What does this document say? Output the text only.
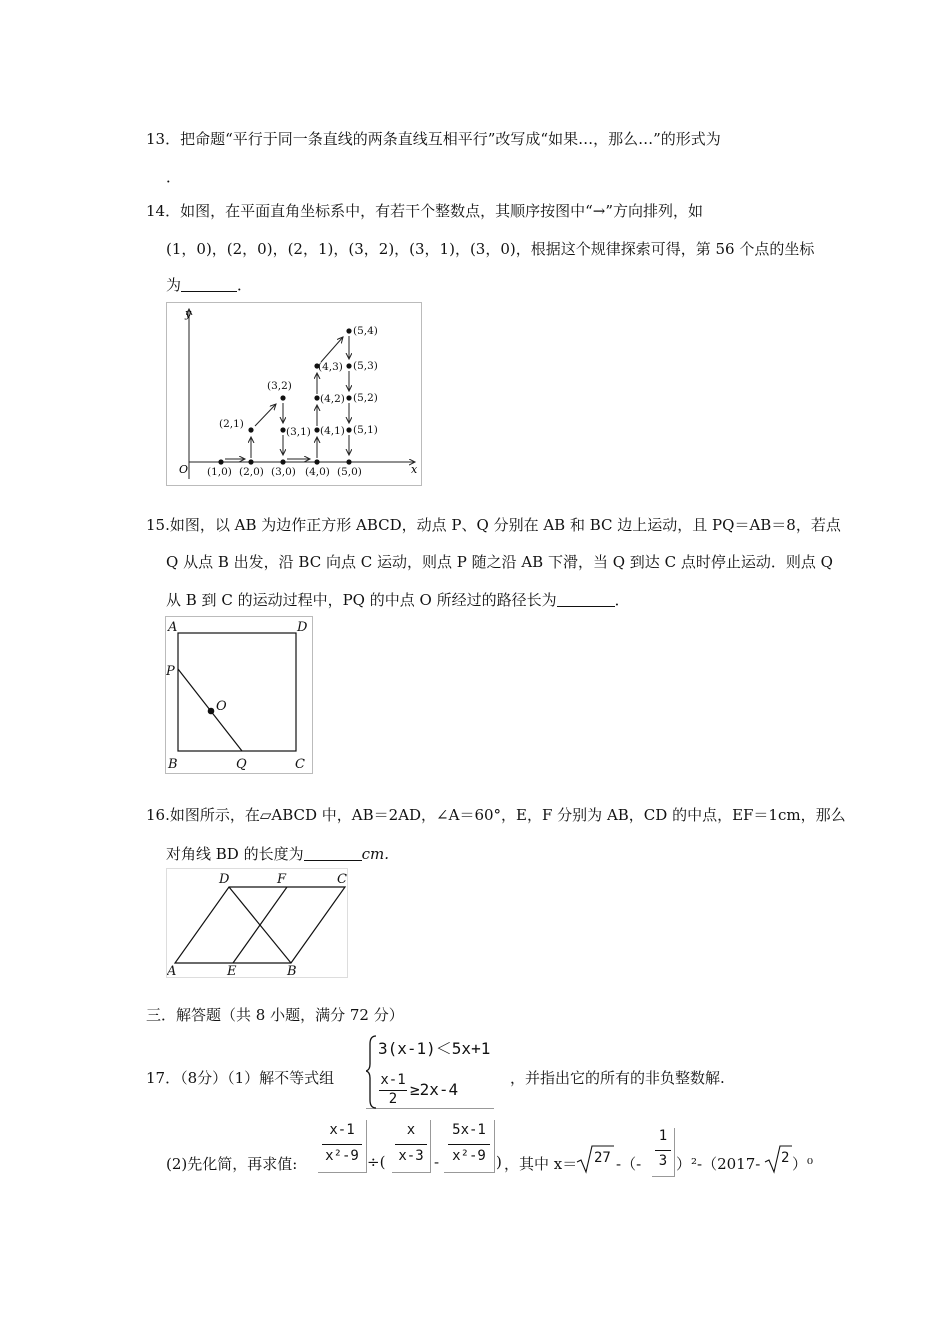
13．把命题“平行于同一条直线的两条直线互相平行”改写成“如果…，那么…”的形式为
．
14．如图，在平面直角坐标系中，有若干个整数点，其顺序按图中“→”方向排列，如
(1，0)，(2，0)，(2，1)，(3，2)，(3，1)，(3，0)，根据这个规律探索可得，第 56 个点的坐标
为	．
y
x
O (1,0) (2,0) (3,0) (4,0) (5,0)
(2,1)
(3,2)
(3,1) (4,1)
(4,2)
(4,3)
(5,4)
(5,3)
(5,2)
(5,1)
15.如图，以 AB 为边作正方形 ABCD，动点 P、Q 分别在 AB 和 BC 边上运动，且 PQ＝AB＝8，若点
Q 从点 B 出发，沿 BC 向点 C 运动，则点 P 随之沿 AB 下滑，当 Q 到达 C 点时停止运动．则点 Q
从 B 到 C 的运动过程中，PQ 的中点 O 所经过的路径长为	．
A	D
P
O
B	Q	C
16.如图所示，在▱ABCD 中，AB＝2AD，∠A＝60°，E，F 分别为 AB，CD 的中点，EF＝1cm，那么
对角线 BD 的长度为	cm.
A	E	B
D	F	C
三．解答题（共 8 小题，满分 72 分）
17．（8分）（1）解不等式组
3(x-1)＜5x+1
x-1
2 ≥2x-4
，并指出它的所有的非负整数解.
(2)先化简，再求值:
x-1
x²-9 ÷(
x
x-3 -
5x-1
x²-9 ) ，其中 x＝ 27 -（-
1
3 ）²-（2017- 2 ）⁰
